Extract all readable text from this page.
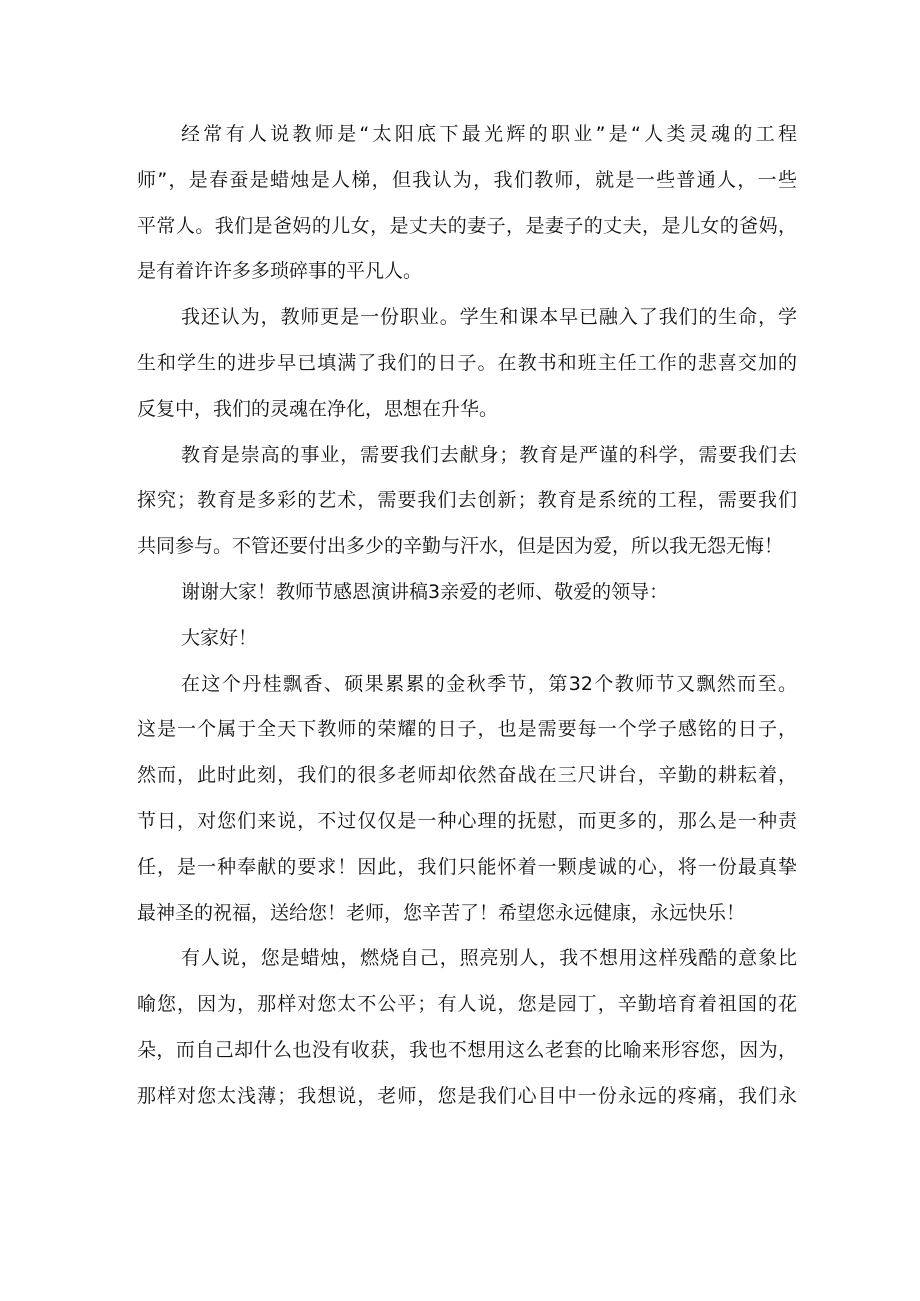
经常有人说教师是“太阳底下最光辉的职业”是“人类灵魂的工程
师”，是春蚕是蜡烛是人梯，但我认为，我们教师，就是一些普通人，一些
平常人。我们是爸妈的儿女，是丈夫的妻子，是妻子的丈夫，是儿女的爸妈，
是有着许许多多琐碎事的平凡人。
我还认为，教师更是一份职业。学生和课本早已融入了我们的生命，学
生和学生的进步早已填满了我们的日子。在教书和班主任工作的悲喜交加的
反复中，我们的灵魂在净化，思想在升华。
教育是崇高的事业，需要我们去献身；教育是严谨的科学，需要我们去
探究；教育是多彩的艺术，需要我们去创新；教育是系统的工程，需要我们
共同参与。不管还要付出多少的辛勤与汗水，但是因为爱，所以我无怨无悔！
谢谢大家！教师节感恩演讲稿3亲爱的老师、敬爱的领导：
大家好！
在这个丹桂飘香、硕果累累的金秋季节，第32个教师节又飘然而至。
这是一个属于全天下教师的荣耀的日子，也是需要每一个学子感铭的日子，
然而，此时此刻，我们的很多老师却依然奋战在三尺讲台，辛勤的耕耘着，
节日，对您们来说，不过仅仅是一种心理的抚慰，而更多的，那么是一种责
任，是一种奉献的要求！因此，我们只能怀着一颗虔诚的心，将一份最真挚
最神圣的祝福，送给您！老师，您辛苦了！希望您永远健康，永远快乐！
有人说，您是蜡烛，燃烧自己，照亮别人，我不想用这样残酷的意象比
喻您，因为，那样对您太不公平；有人说，您是园丁，辛勤培育着祖国的花
朵，而自己却什么也没有收获，我也不想用这么老套的比喻来形容您，因为，
那样对您太浅薄；我想说，老师，您是我们心目中一份永远的疼痛，我们永
